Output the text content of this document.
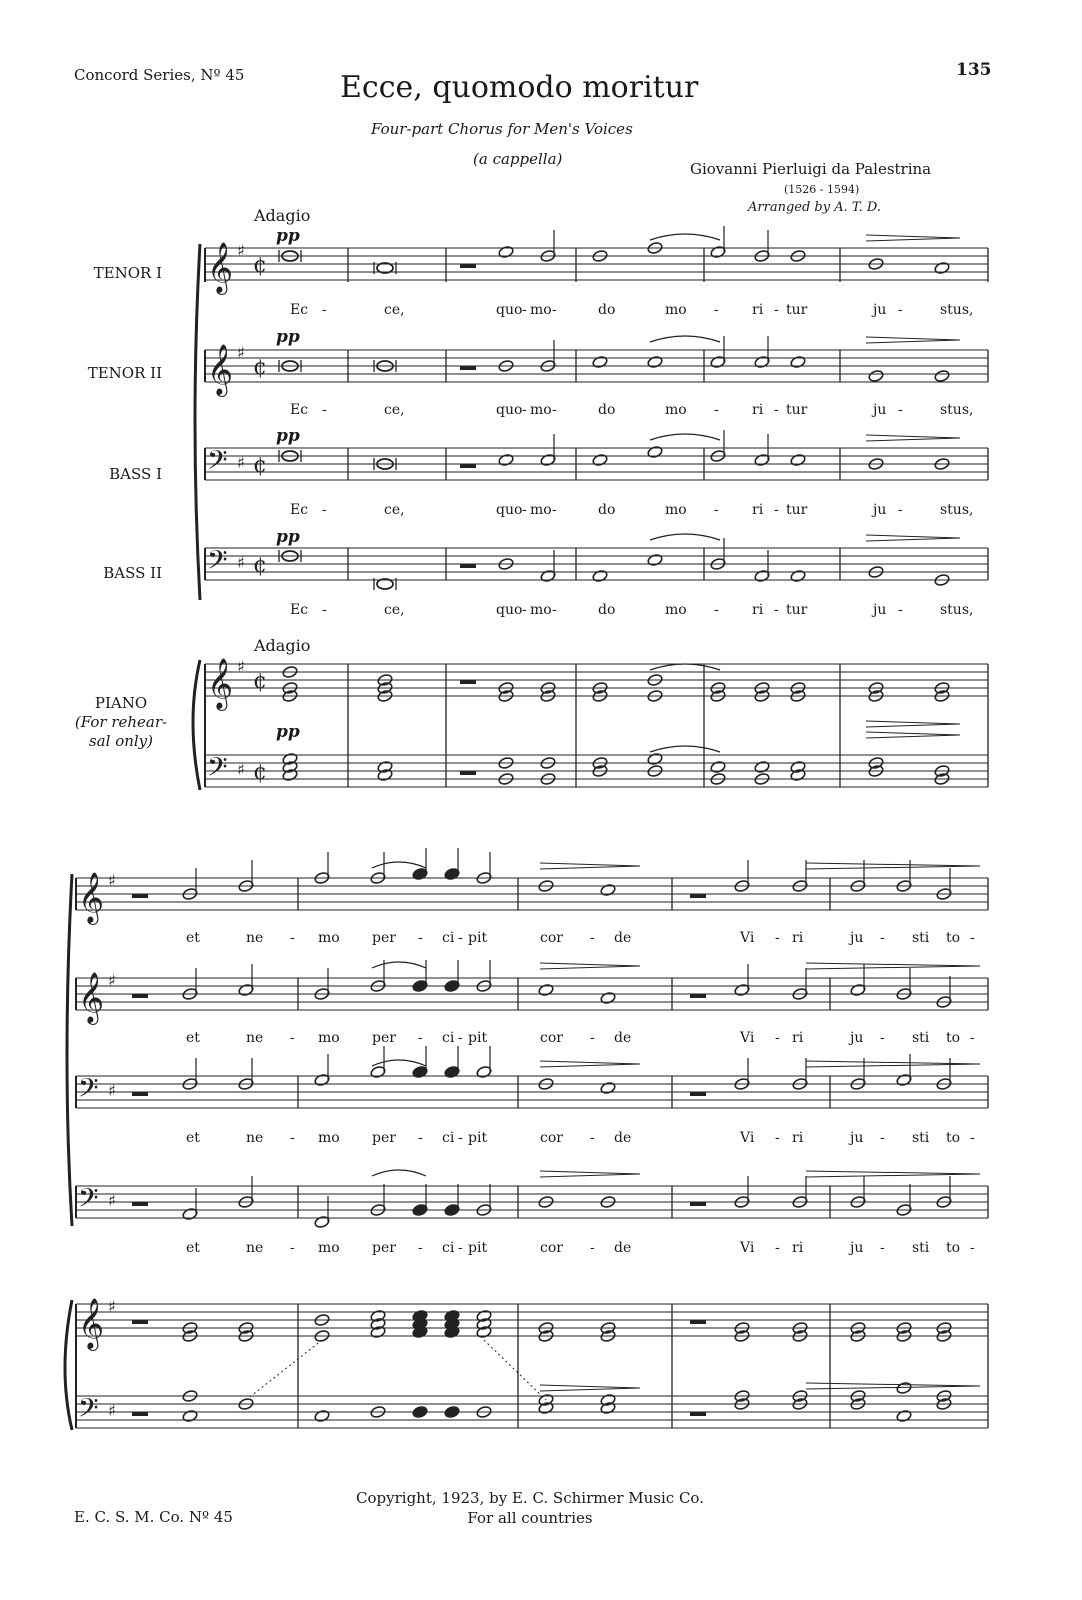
Concord Series, Nº 45	135
Ecce, quomodo moritur
Four-part Chorus for Men's Voices
(a cappella)
Giovanni Pierluigi da Palestrina
(1526 - 1594)
Arranged by A. T. D.
Adagio
Adagio
pp
pp
pp
pp
pp
TENOR I
TENOR II
BASS I
BASS II
PIANO
(For rehear-
sal only)
Ec -	ce,	quo - mo -	do	mo - ri - tur	ju -	stus,
Ec -	ce,	quo - mo -	do	mo - ri - tur	ju -	stus,
Ec -	ce,	quo - mo -	do	mo - ri - tur	ju -	stus,
Ec -	ce,	quo - mo -	do	mo - ri - tur	ju -	stus,
et	ne - mo per - ci - pit	cor - de	Vi - ri	ju - sti to -
et	ne - mo per - ci - pit	cor - de	Vi - ri	ju - sti to -
et	ne - mo per - ci - pit	cor - de	Vi - ri	ju - sti to -
et	ne - mo per - ci - pit	cor - de	Vi - ri	ju - sti to -
𝄞 ♯
¢
𝄞 ♯
¢
𝄢 ♯ ¢
𝄢 ♯ ¢
𝄞 ♯
¢
𝄢 ♯ ¢
𝄞 ♯
𝄞 ♯
𝄢 ♯
𝄢 ♯
𝄞 ♯
𝄢 ♯
Copyright, 1923, by E. C. Schirmer Music Co.
For all countries
E. C. S. M. Co. Nº 45
